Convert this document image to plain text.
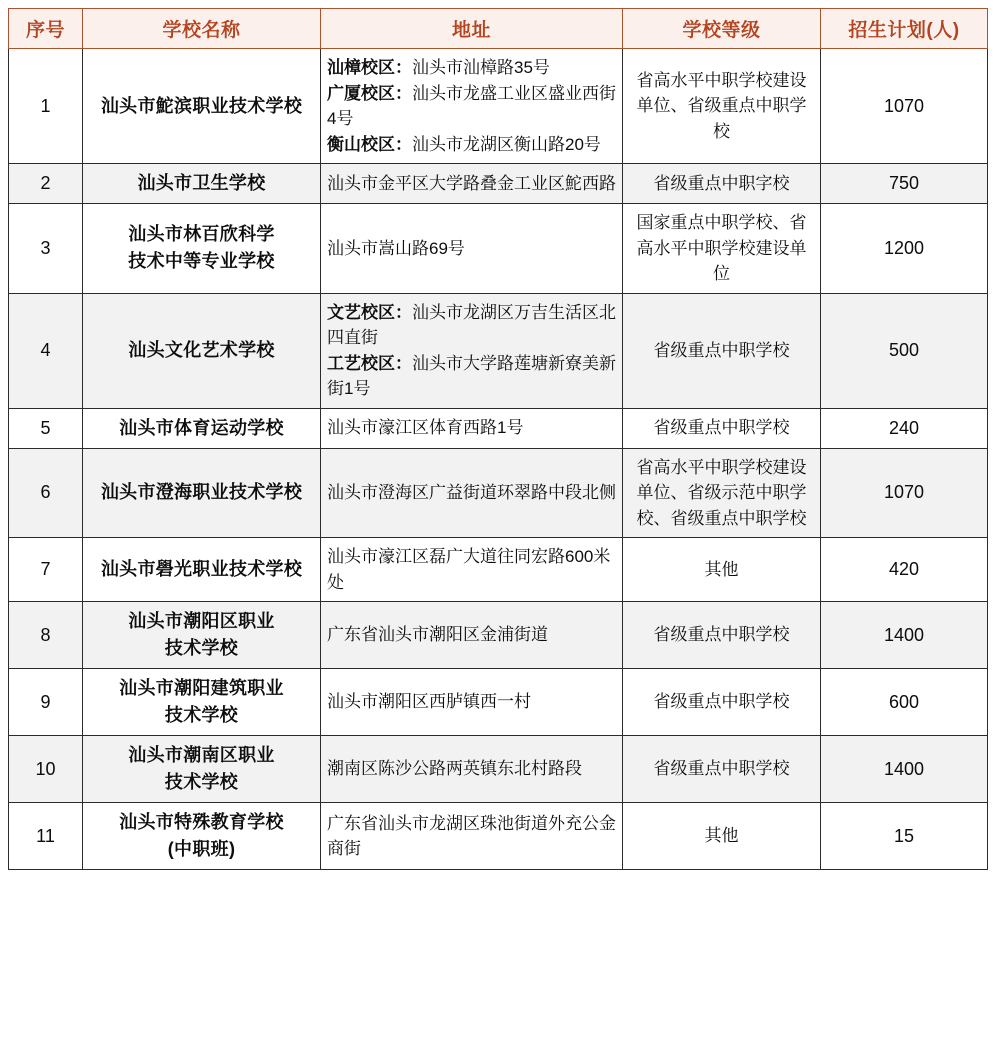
序号	学校名称	地址	学校等级	招生计划(人)
1	汕头市鮀滨职业技术学校	汕樟校区：汕头市汕樟路35号
广厦校区：汕头市龙盛工业区盛业西街4号
衡山校区：汕头市龙湖区衡山路20号	省高水平中职学校建设单位、省级重点中职学校	1070
2	汕头市卫生学校	汕头市金平区大学路叠金工业区鮀西路	省级重点中职字校	750
3	汕头市林百欣科学
技术中等专业学校	汕头市嵩山路69号	国家重点中职学校、省高水平中职学校建设单位	1200
4	汕头文化艺术学校	文艺校区：汕头市龙湖区万吉生活区北四直街
工艺校区：汕头市大学路莲塘新寮美新街1号	省级重点中职学校	500
5	汕头市体育运动学校	汕头市濠江区体育西路1号	省级重点中职学校	240
6	汕头市澄海职业技术学校	汕头市澄海区广益街道环翠路中段北侧	省高水平中职学校建设单位、省级示范中职学校、省级重点中职学校	1070
7	汕头市礐光职业技术学校	汕头市濠江区磊广大道往同宏路600米处	其他	420
8	汕头市潮阳区职业
技术学校	广东省汕头市潮阳区金浦街道	省级重点中职学校	1400
9	汕头市潮阳建筑职业
技术学校	汕头市潮阳区西胪镇西一村	省级重点中职学校	600
10	汕头市潮南区职业
技术学校	潮南区陈沙公路两英镇东北村路段	省级重点中职学校	1400
11	汕头市特殊教育学校
(中职班)	广东省汕头市龙湖区珠池街道外充公金商街	其他	15
